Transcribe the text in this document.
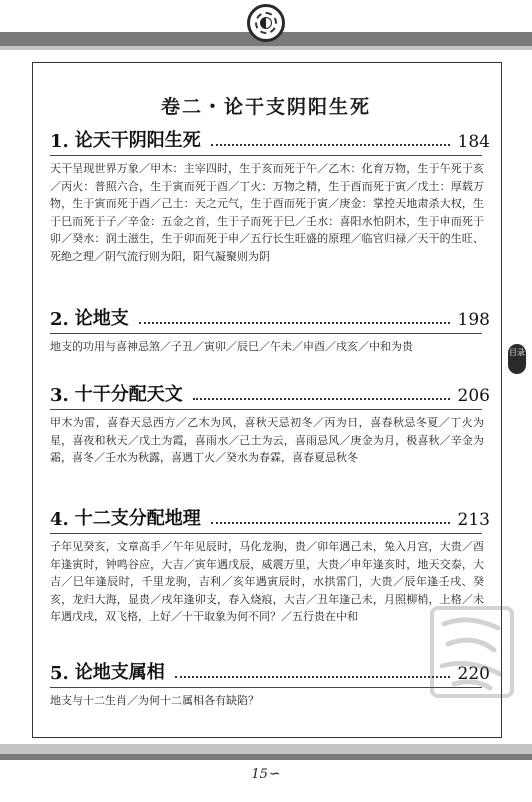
卷二・论干支阴阳生死
1. 论天干阴阳生死	184
天干呈现世界万象／甲木：主宰四时，生于亥而死于午／乙木：化育万物，生于午死于亥／丙火：普照六合，生于寅而死于酉／丁火：万物之精，生于酉而死于寅／戊土：厚载万物，生于寅而死于酉／己土：天之元气，生于酉而死于寅／庚金：掌控天地肃杀大权，生于巳而死于子／辛金：五金之首，生于子而死于巳／壬水：喜阳水怕阴木，生于申而死于卯／癸水：润土滋生，生于卯而死于申／五行长生旺盛的原理／临官归禄／天干的生旺、死绝之理／阴气流行则为阳，阳气凝聚则为阴
2. 论地支	198
地支的功用与喜神忌煞／子丑／寅卯／辰巳／午未／申酉／戌亥／中和为贵
3. 十干分配天文	206
甲木为雷，喜春天忌西方／乙木为风，喜秋天忌初冬／丙为日，喜春秋忌冬夏／丁火为星，喜夜和秋天／戊土为霞，喜雨水／己土为云，喜雨忌风／庚金为月，极喜秋／辛金为霜，喜冬／壬水为秋露，喜遇丁火／癸水为春霖，喜春夏忌秋冬
4. 十二支分配地理	213
子年见癸亥，文章高手／午年见辰时，马化龙驹，贵／卯年遇己未，兔入月宫，大贵／酉年逢寅时，钟鸣谷应，大吉／寅年遇戊辰，威震万里，大贵／申年逢亥时，地天交泰，大吉／巳年逢辰时，千里龙驹，吉利／亥年遇寅辰时，水拱雷门，大贵／辰年逢壬戌、癸亥，龙归大海，显贵／戌年逢卯支，春入烧痕，大吉／丑年逢己未，月照柳梢，上格／未年遇戊戌，双飞格，上好／十干取象为何不同？／五行贵在中和
5. 论地支属相	220
地支与十二生肖／为何十二属相各有缺陷？
目录
15∽
